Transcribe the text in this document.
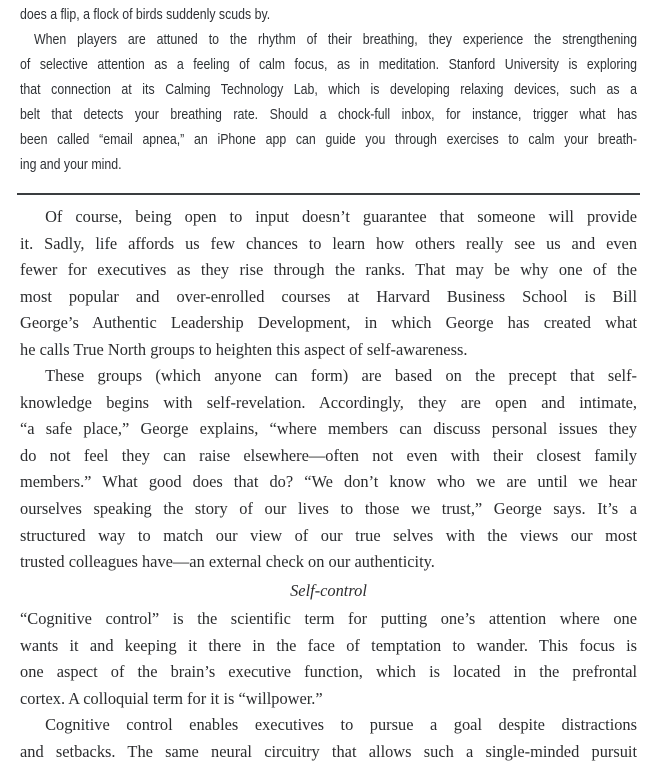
does a flip, a flock of birds suddenly scuds by.
When players are attuned to the rhythm of their breathing, they experience the strengthening
of selective attention as a feeling of calm focus, as in meditation. Stanford University is exploring
that connection at its Calming Technology Lab, which is developing relaxing devices, such as a
belt that detects your breathing rate. Should a chock-full inbox, for instance, trigger what has
been called “email apnea,” an iPhone app can guide you through exercises to calm your breath-
ing and your mind.
Of course, being open to input doesn’t guarantee that someone will provide
it. Sadly, life affords us few chances to learn how others really see us and even
fewer for executives as they rise through the ranks. That may be why one of the
most popular and over-enrolled courses at Harvard Business School is Bill
George’s Authentic Leadership Development, in which George has created what
he calls True North groups to heighten this aspect of self-awareness.
These groups (which anyone can form) are based on the precept that self-
knowledge begins with self-revelation. Accordingly, they are open and intimate,
“a safe place,” George explains, “where members can discuss personal issues they
do not feel they can raise elsewhere—often not even with their closest family
members.” What good does that do? “We don’t know who we are until we hear
ourselves speaking the story of our lives to those we trust,” George says. It’s a
structured way to match our view of our true selves with the views our most
trusted colleagues have—an external check on our authenticity.
Self-control
“Cognitive control” is the scientific term for putting one’s attention where one
wants it and keeping it there in the face of temptation to wander. This focus is
one aspect of the brain’s executive function, which is located in the prefrontal
cortex. A colloquial term for it is “willpower.”
Cognitive control enables executives to pursue a goal despite distractions
and setbacks. The same neural circuitry that allows such a single-minded pursuit
